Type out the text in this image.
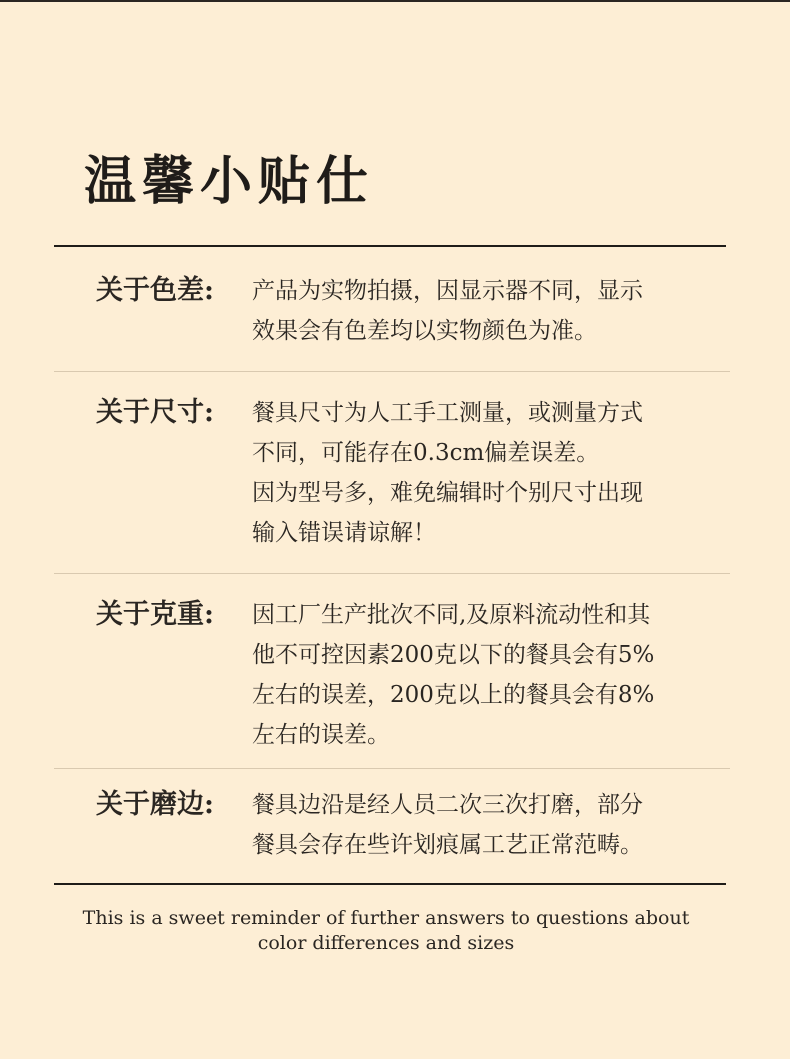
温馨小贴仕
关于色差: 产品为实物拍摄，因显示器不同，显示
效果会有色差均以实物颜色为准。
关于尺寸: 餐具尺寸为人工手工测量，或测量方式
不同，可能存在0.3cm偏差误差。
因为型号多，难免编辑时个别尺寸出现
输入错误请谅解！
关于克重: 因工厂生产批次不同,及原料流动性和其
他不可控因素200克以下的餐具会有5%
左右的误差，200克以上的餐具会有8%
左右的误差。
关于磨边: 餐具边沿是经人员二次三次打磨，部分
餐具会存在些许划痕属工艺正常范畴。
This is a sweet reminder of further answers to questions about
color differences and sizes
